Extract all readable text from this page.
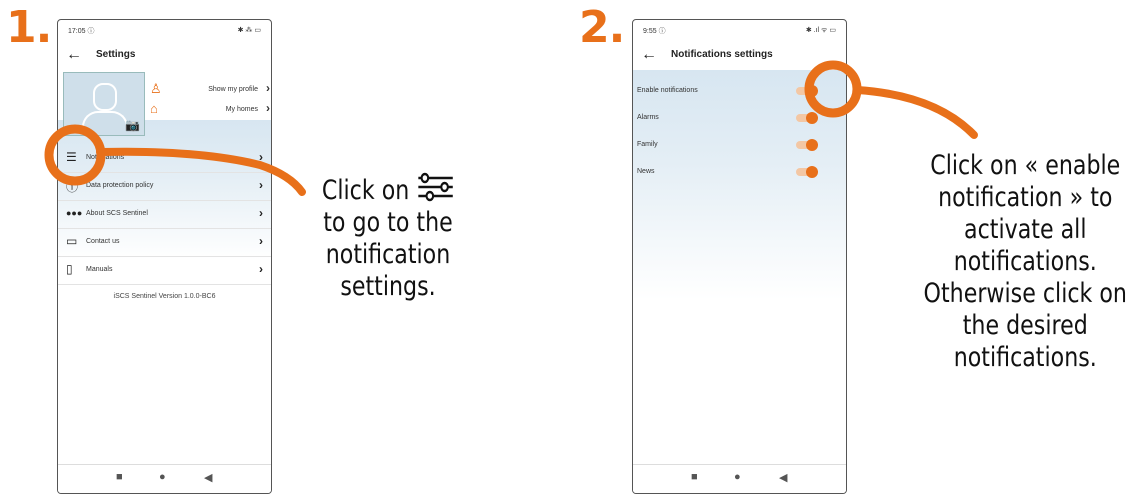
1. 17:05 ⓘ	✱ ⁂ ▭
← Settings
📷
♙	Show my profile ›
⌂	My homes ›
☰ Notifications	›
ⓘ Data protection policy	›
●●● About SCS Sentinel	›
▭ Contact us	›
▯ Manuals	›
iSCS Sentinel Version 1.0.0-BC6
■	●	◀
Click on
to go to the notification settings.
2.	9:55 ⓘ	✱ .ıl ᯤ ▭
← Notifications settings
Enable notifications
Alarms
Family
News
■	●	◀
Click on « enable notification » to activate all notifications. Otherwise click on the desired notifications.
